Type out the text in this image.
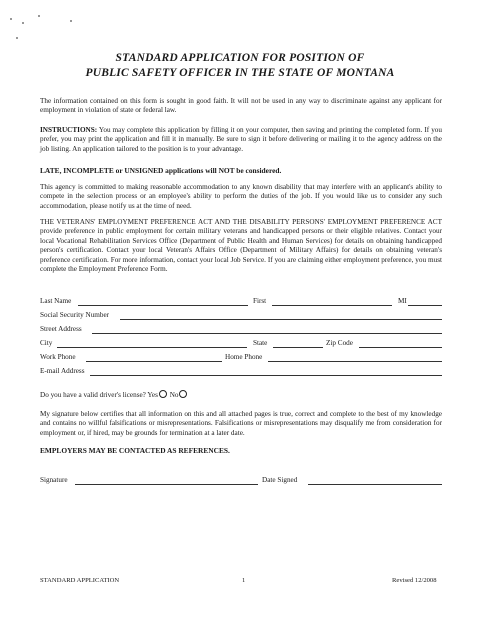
STANDARD APPLICATION FOR POSITION OF
PUBLIC SAFETY OFFICER IN THE STATE OF MONTANA
The information contained on this form is sought in good faith. It will not be used in any way to discriminate against any applicant for employment in violation of state or federal law.
INSTRUCTIONS: You may complete this application by filling it on your computer, then saving and printing the completed form. If you prefer, you may print the application and fill it in manually. Be sure to sign it before delivering or mailing it to the agency address on the job listing. An application tailored to the position is to your advantage.
LATE, INCOMPLETE or UNSIGNED applications will NOT be considered.
This agency is committed to making reasonable accommodation to any known disability that may interfere with an applicant's ability to compete in the selection process or an employee's ability to perform the duties of the job. If you would like us to consider any such accommodation, please notify us at the time of need.
THE VETERANS' EMPLOYMENT PREFERENCE ACT AND THE DISABILITY PERSONS' EMPLOYMENT PREFERENCE ACT provide preference in public employment for certain military veterans and handicapped persons or their eligible relatives. Contact your local Vocational Rehabilitation Services Office (Department of Public Health and Human Services) for details on obtaining handicapped person's certification. Contact your local Veteran's Affairs Office (Department of Military Affairs) for details on obtaining veteran's preference certification. For more information, contact your local Job Service. If you are claiming either employment preference, you must complete the Employment Preference Form.
Last Name	First	MI
Social Security Number
Street Address
City	State	Zip Code
Work Phone	Home Phone
E-mail Address
Do you have a valid driver's license? Yes No
My signature below certifies that all information on this and all attached pages is true, correct and complete to the best of my knowledge and contains no willful falsifications or misrepresentations. Falsifications or misrepresentations may disqualify me from consideration for employment or, if hired, may be grounds for termination at a later date.
EMPLOYERS MAY BE CONTACTED AS REFERENCES.
Signature	Date Signed
STANDARD APPLICATION	1	Revised 12/2008
